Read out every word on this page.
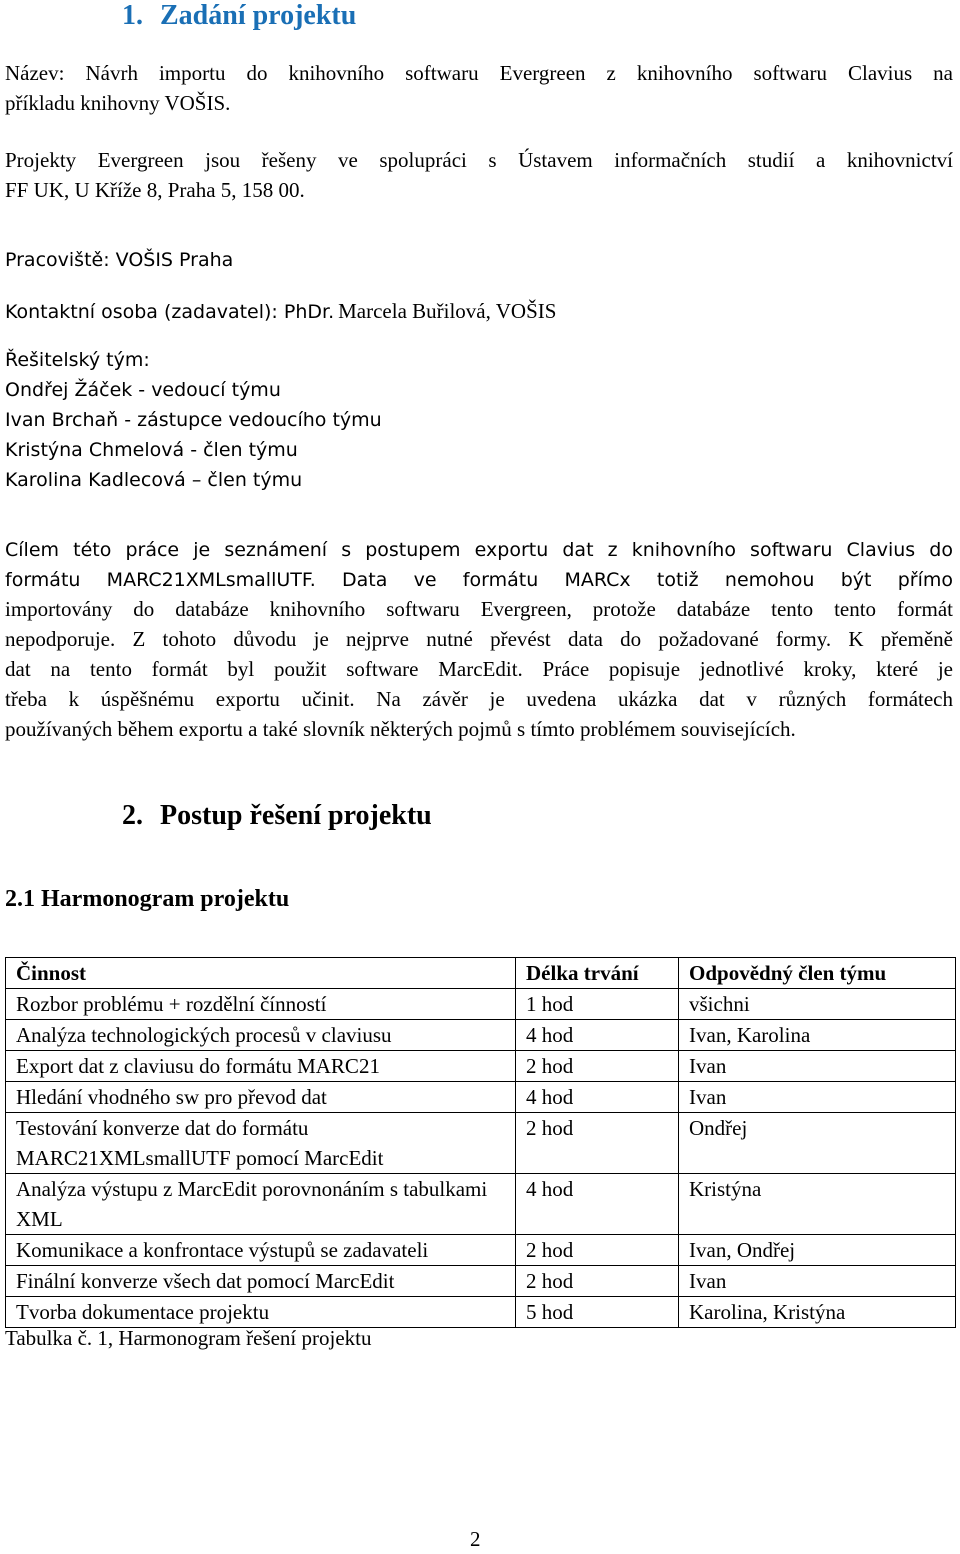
1. Zadání projektu
Název: Návrh importu do knihovního softwaru Evergreen z knihovního softwaru Clavius na
příkladu knihovny VOŠIS.
Projekty Evergreen jsou řešeny ve spolupráci s Ústavem informačních studií a knihovnictví
FF UK, U Kříže 8, Praha 5, 158 00.
Pracoviště: VOŠIS Praha
Kontaktní osoba (zadavatel): PhDr. Marcela Buřilová, VOŠIS
Řešitelský tým:
Ondřej Žáček - vedoucí týmu
Ivan Brchaň - zástupce vedoucího týmu
Kristýna Chmelová - člen týmu
Karolina Kadlecová – člen týmu
Cílem této práce je seznámení s postupem exportu dat z knihovního softwaru Clavius do
formátu MARC21XMLsmallUTF. Data ve formátu MARCx totiž nemohou být přímo
importovány do databáze knihovního softwaru Evergreen, protože databáze tento tento formát
nepodporuje. Z tohoto důvodu je nejprve nutné převést data do požadované formy. K přeměně
dat na tento formát byl použit software MarcEdit. Práce popisuje jednotlivé kroky, které je
třeba k úspěšnému exportu učinit. Na závěr je uvedena ukázka dat v různých formátech
používaných během exportu a také slovník některých pojmů s tímto problémem souvisejících.
2. Postup řešení projektu
2.1 Harmonogram projektu
Činnost	Délka trvání	Odpovědný člen týmu
Rozbor problému + rozdělní čínností	1 hod	všichni
Analýza technologických procesů v claviusu	4 hod	Ivan, Karolina
Export dat z claviusu do formátu MARC21	2 hod	Ivan
Hledání vhodného sw pro převod dat	4 hod	Ivan
Testování konverze dat do formátu MARC21XMLsmallUTF pomocí MarcEdit	2 hod	Ondřej
Analýza výstupu z MarcEdit porovnonáním s tabulkami XML	4 hod	Kristýna
Komunikace a konfrontace výstupů se zadavateli	2 hod	Ivan, Ondřej
Finální konverze všech dat pomocí MarcEdit	2 hod	Ivan
Tvorba dokumentace projektu	5 hod	Karolina, Kristýna
Tabulka č. 1, Harmonogram řešení projektu
2
